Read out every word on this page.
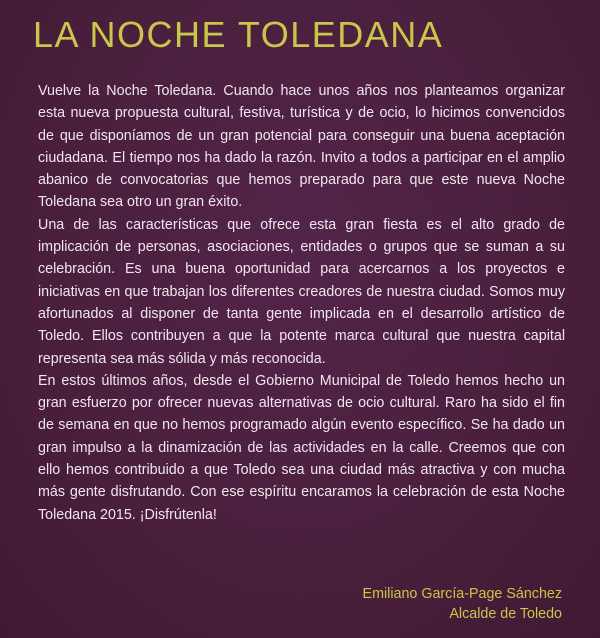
LA NOCHE TOLEDANA

Vuelve la Noche Toledana. Cuando hace unos años nos planteamos organizar esta nueva propuesta cultural, festiva, turística y de ocio, lo hicimos convencidos de que disponíamos de un gran potencial para conseguir una buena aceptación ciudadana. El tiempo nos ha dado la razón. Invito a todos a participar en el amplio abanico de convocatorias que hemos preparado para que este nueva Noche Toledana sea otro un gran éxito.

Una de las características que ofrece esta gran fiesta es el alto grado de implicación de personas, asociaciones, entidades o grupos que se suman a su celebración. Es una buena oportunidad para acercarnos a los proyectos e iniciativas en que trabajan los diferentes creadores de nuestra ciudad. Somos muy afortunados al disponer de tanta gente implicada en el desarrollo artístico de Toledo. Ellos contribuyen a que la potente marca cultural que nuestra capital representa sea más sólida y más reconocida.

En estos últimos años, desde el Gobierno Municipal de Toledo hemos hecho un gran esfuerzo por ofrecer nuevas alternativas de ocio cultural. Raro ha sido el fin de semana en que no hemos programado algún evento específico. Se ha dado un gran impulso a la dinamización de las actividades en la calle. Creemos que con ello hemos contribuido a que Toledo sea una ciudad más atractiva y con mucha más gente disfrutando. Con ese espíritu encaramos la celebración de esta Noche Toledana 2015. ¡Disfrútenla!

Emiliano García-Page Sánchez
Alcalde de Toledo
